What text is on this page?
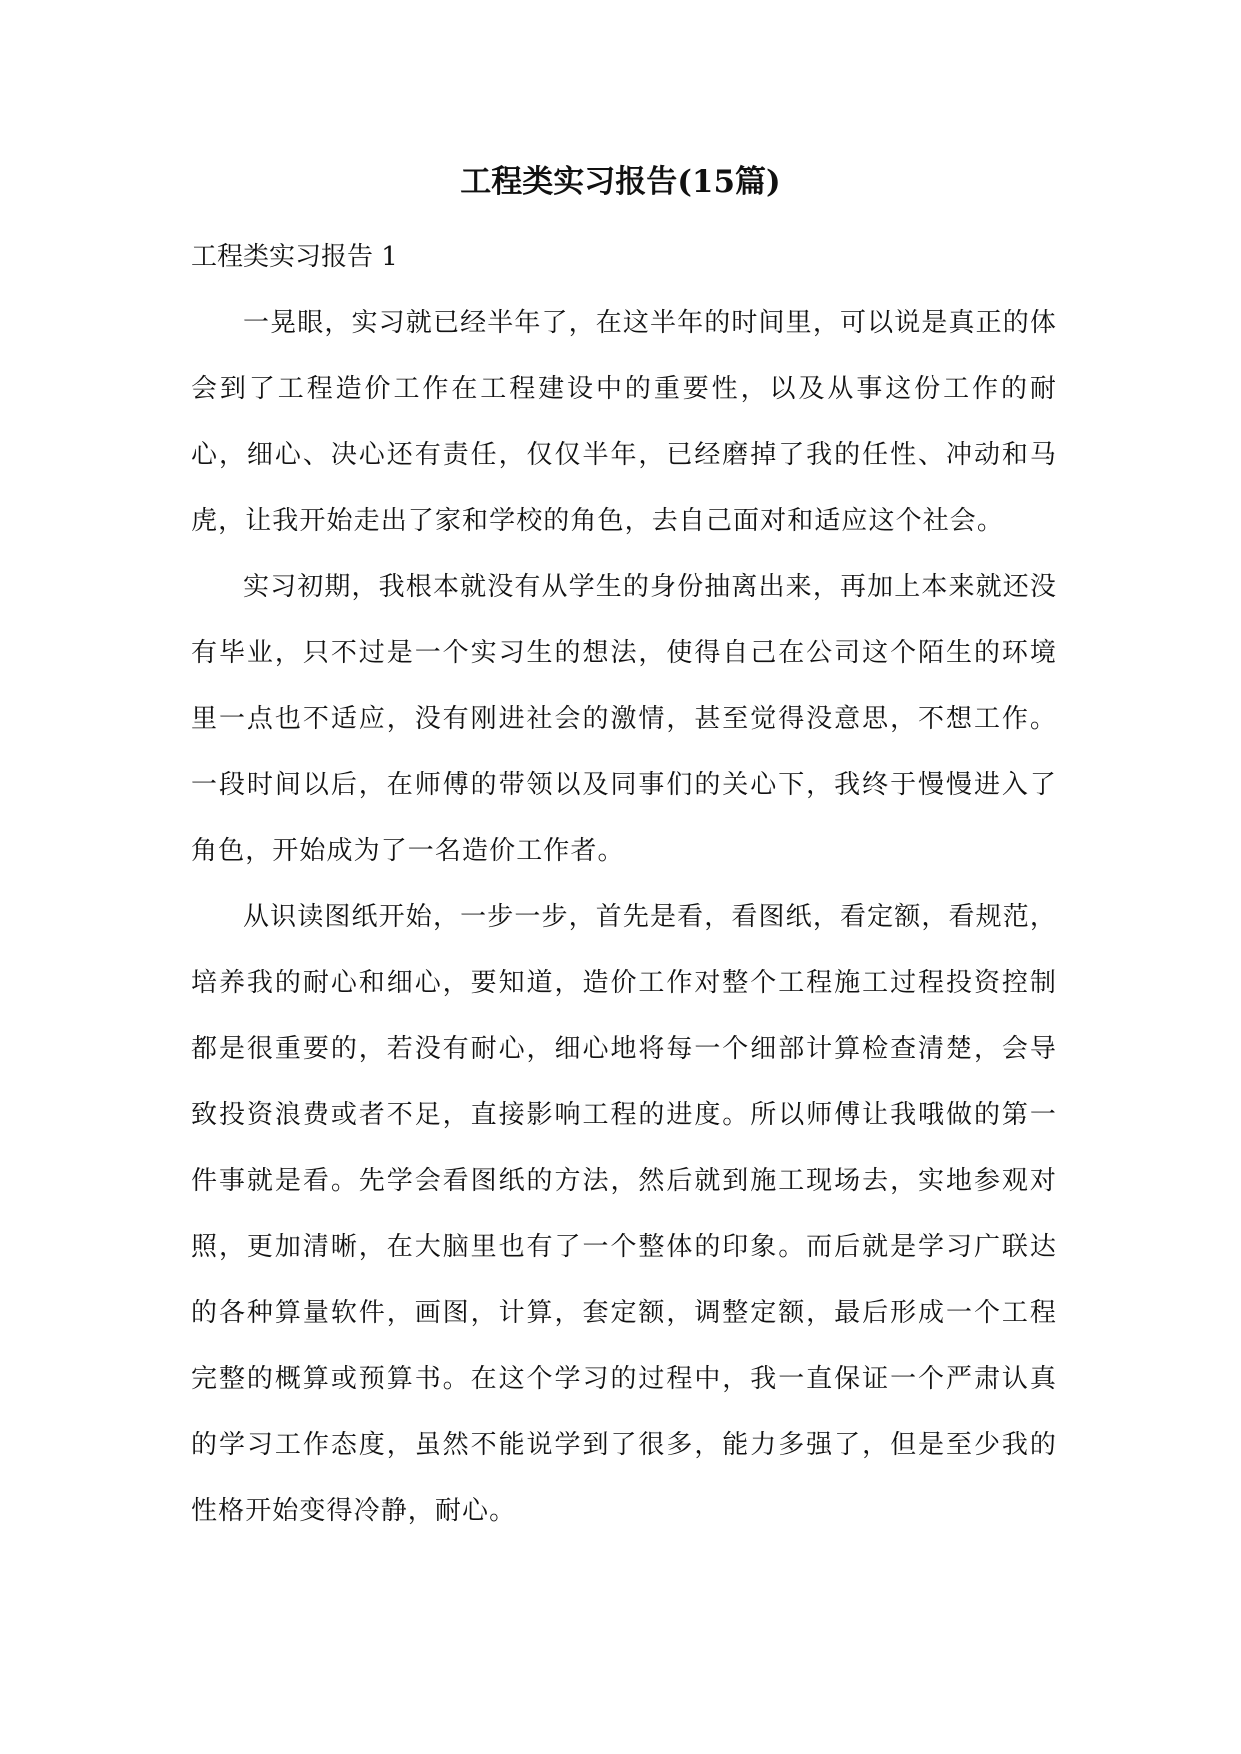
工程类实习报告(15篇)

工程类实习报告 1

一晃眼，实习就已经半年了，在这半年的时间里，可以说是真正的体会到了工程造价工作在工程建设中的重要性，以及从事这份工作的耐心，细心、决心还有责任，仅仅半年，已经磨掉了我的任性、冲动和马虎，让我开始走出了家和学校的角色，去自己面对和适应这个社会。

实习初期，我根本就没有从学生的身份抽离出来，再加上本来就还没有毕业，只不过是一个实习生的想法，使得自己在公司这个陌生的环境里一点也不适应，没有刚进社会的激情，甚至觉得没意思，不想工作。一段时间以后，在师傅的带领以及同事们的关心下，我终于慢慢进入了角色，开始成为了一名造价工作者。

从识读图纸开始，一步一步，首先是看，看图纸，看定额，看规范，培养我的耐心和细心，要知道，造价工作对整个工程施工过程投资控制都是很重要的，若没有耐心，细心地将每一个细部计算检查清楚，会导致投资浪费或者不足，直接影响工程的进度。所以师傅让我哦做的第一件事就是看。先学会看图纸的方法，然后就到施工现场去，实地参观对照，更加清晰，在大脑里也有了一个整体的印象。而后就是学习广联达的各种算量软件，画图，计算，套定额，调整定额，最后形成一个工程完整的概算或预算书。在这个学习的过程中，我一直保证一个严肃认真的学习工作态度，虽然不能说学到了很多，能力多强了，但是至少我的性格开始变得冷静，耐心。
